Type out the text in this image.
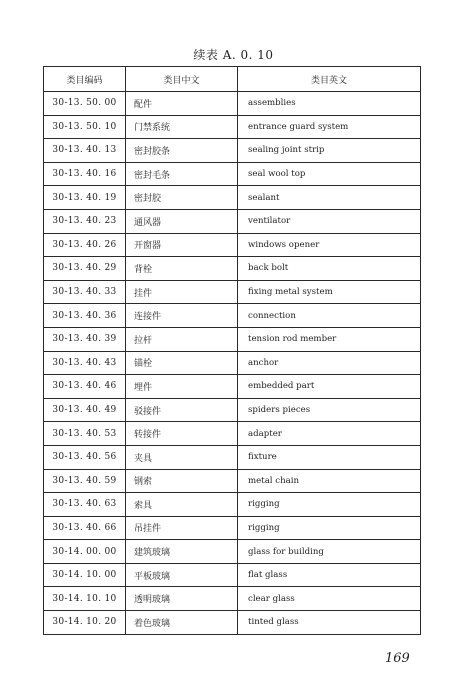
续表 A. 0. 10
类目编码	类目中文	类目英文
30-13. 50. 00	配件	assemblies
30-13. 50. 10	门禁系统	entrance guard system
30-13. 40. 13	密封胶条	sealing joint strip
30-13. 40. 16	密封毛条	seal wool top
30-13. 40. 19	密封胶	sealant
30-13. 40. 23	通风器	ventilator
30-13. 40. 26	开窗器	windows opener
30-13. 40. 29	背栓	back bolt
30-13. 40. 33	挂件	fixing metal system
30-13. 40. 36	连接件	connection
30-13. 40. 39	拉杆	tension rod member
30-13. 40. 43	锚栓	anchor
30-13. 40. 46	埋件	embedded part
30-13. 40. 49	驳接件	spiders pieces
30-13. 40. 53	转接件	adapter
30-13. 40. 56	夹具	fixture
30-13. 40. 59	钢索	metal chain
30-13. 40. 63	索具	rigging
30-13. 40. 66	吊挂件	rigging
30-14. 00. 00	建筑玻璃	glass for building
30-14. 10. 00	平板玻璃	flat glass
30-14. 10. 10	透明玻璃	clear glass
30-14. 10. 20	着色玻璃	tinted glass
169
